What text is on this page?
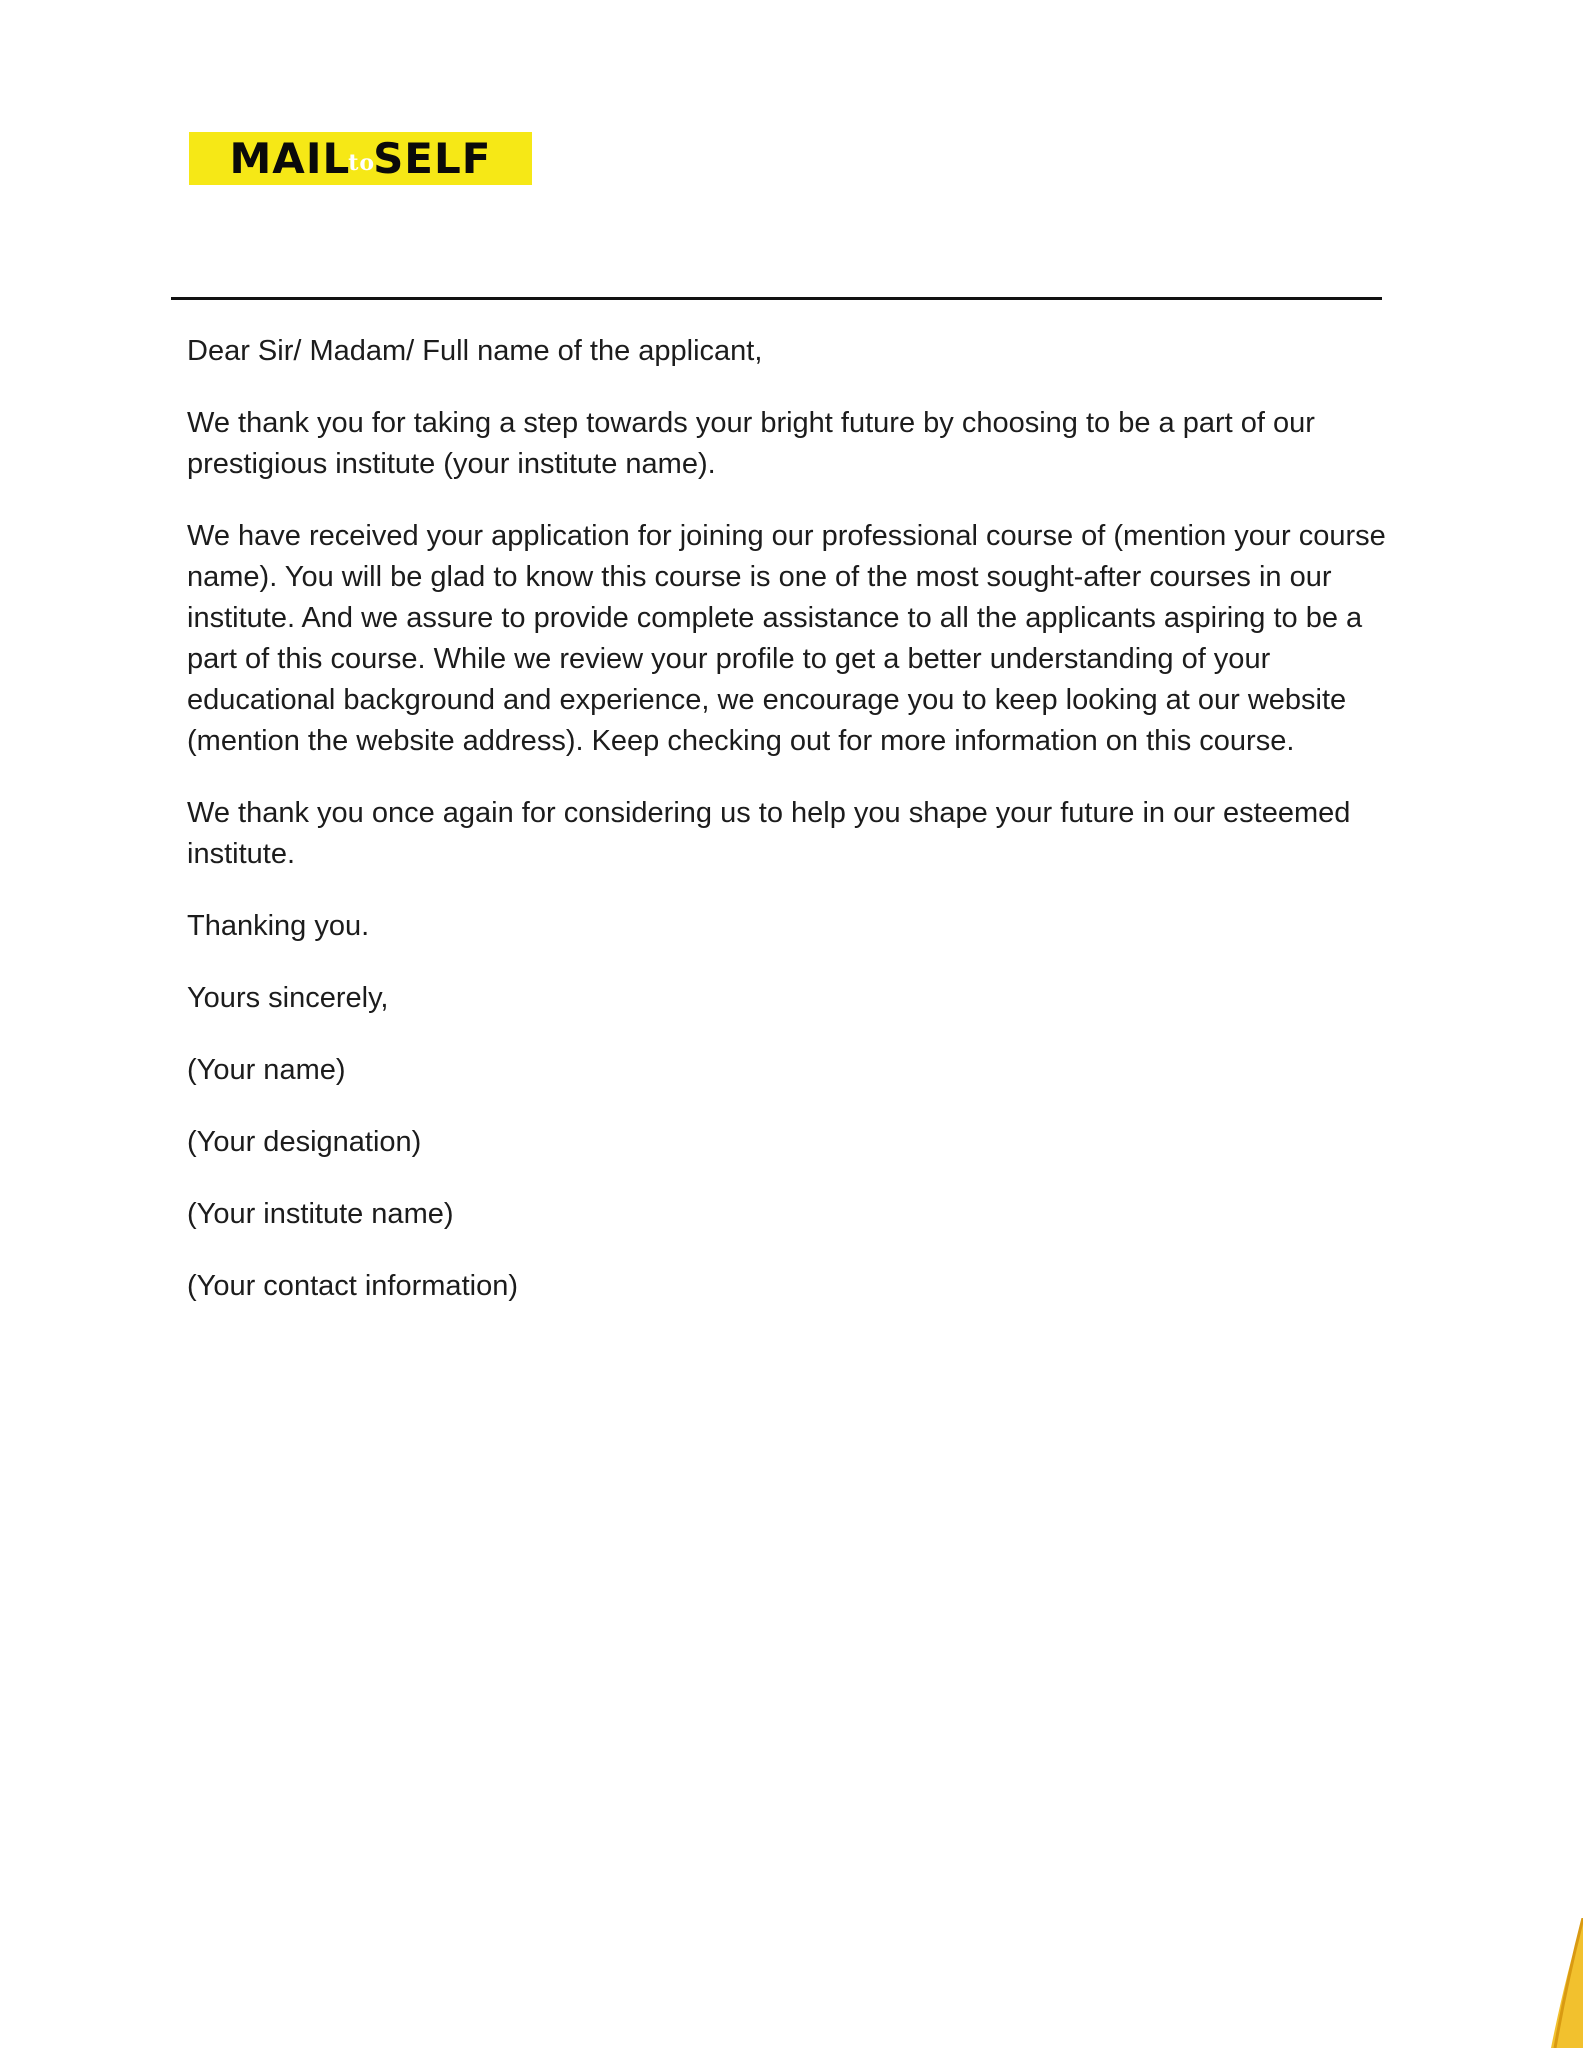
MAILtoSELF

Dear Sir/ Madam/ Full name of the applicant,

We thank you for taking a step towards your bright future by choosing to be a part of our prestigious institute (your institute name).

We have received your application for joining our professional course of (mention your course name). You will be glad to know this course is one of the most sought-after courses in our institute. And we assure to provide complete assistance to all the applicants aspiring to be a part of this course. While we review your profile to get a better understanding of your educational background and experience, we encourage you to keep looking at our website (mention the website address). Keep checking out for more information on this course.

We thank you once again for considering us to help you shape your future in our esteemed institute.

Thanking you.

Yours sincerely,

(Your name)

(Your designation)

(Your institute name)

(Your contact information)
